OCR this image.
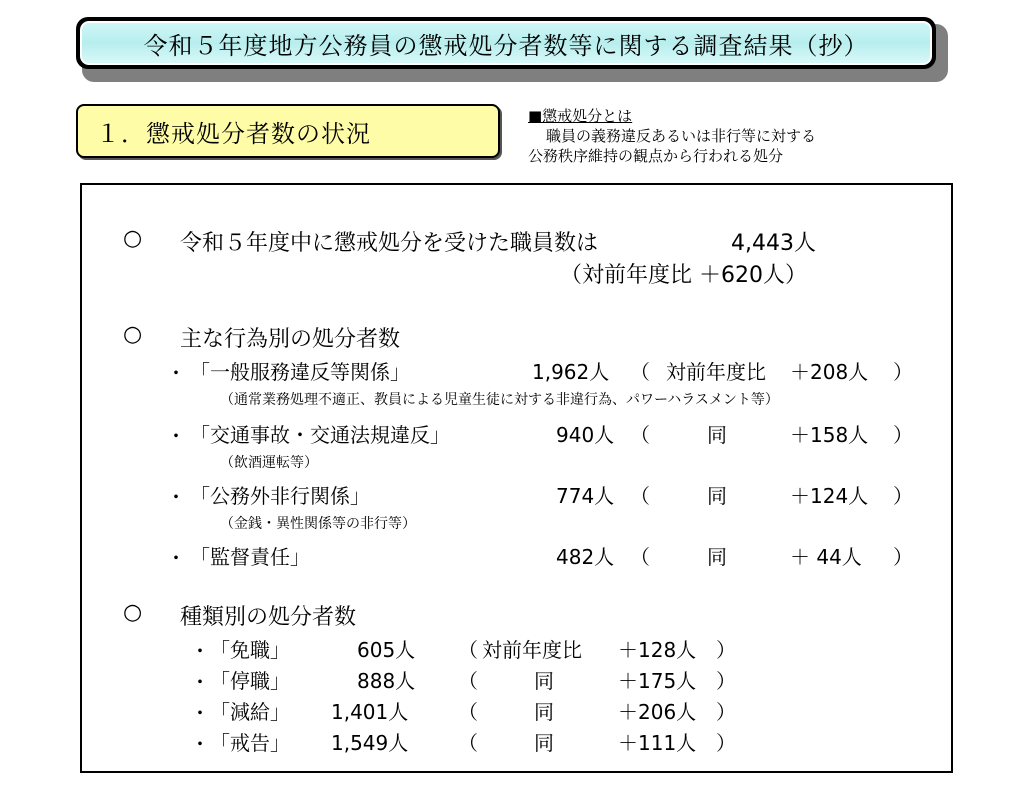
令和５年度地方公務員の懲戒処分者数等に関する調査結果（抄）
１．懲戒処分者数の状況
■懲戒処分とは
職員の義務違反あるいは非行等に対する
公務秩序維持の観点から行われる処分
○ 令和５年度中に懲戒処分を受けた職員数は	4,443人
（対前年度比 ＋620人）
○ 主な行為別の処分者数
・ 「一般服務違反等関係」	1,962人 （ 対前年度比 ＋208人 ）
（通常業務処理不適正、教員による児童生徒に対する非違行為、パワーハラスメント等）
・ 「交通事故・交通法規違反」	940人 （	同	＋158人 ）
（飲酒運転等）
・ 「公務外非行関係」	774人 （	同	＋124人 ）
（金銭・異性関係等の非行等）
・ 「監督責任」	482人 （	同	＋ 44人 ）
○ 種類別の処分者数
・ 「免職」	605人 （ 対前年度比 ＋128人 ）
・ 「停職」	888人 （	同	＋175人 ）
・ 「減給」 1,401人 （	同	＋206人 ）
・ 「戒告」 1,549人 （	同	＋111人 ）
